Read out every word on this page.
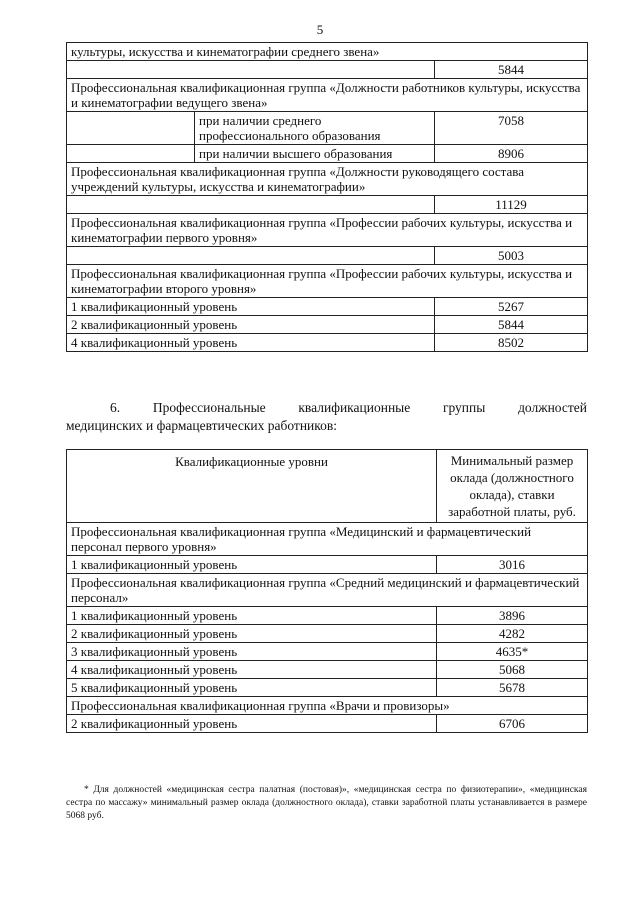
5
культуры, искусства и кинематографии среднего звена»		
		5844
Профессиональная квалификационная группа «Должности работников культуры, искусства и кинематографии ведущего звена»		
	при наличии среднего профессионального образования	7058
	при наличии высшего образования	8906
Профессиональная квалификационная группа «Должности руководящего состава учреждений культуры, искусства и кинематографии»		
		11129
Профессиональная квалификационная группа «Профессии рабочих культуры, искусства и кинематографии первого уровня»		
		5003
Профессиональная квалификационная группа «Профессии рабочих культуры, искусства и кинематографии второго уровня»		
1 квалификационный уровень		5267
2 квалификационный уровень		5844
4 квалификационный уровень		8502
6. Профессиональные квалификационные группы должностей
медицинских и фармацевтических работников:
Квалификационные уровни	Минимальный размер оклада (должностного оклада), ставки заработной платы, руб.
Профессиональная квалификационная группа «Медицинский и фармацевтический персонал первого уровня»	
1 квалификационный уровень	3016
Профессиональная квалификационная группа «Средний медицинский и фармацевтический персонал»	
1 квалификационный уровень	3896
2 квалификационный уровень	4282
3 квалификационный уровень	4635*
4 квалификационный уровень	5068
5 квалификационный уровень	5678
Профессиональная квалификационная группа «Врачи и провизоры»	
2 квалификационный уровень	6706
* Для должностей «медицинская сестра палатная (постовая)», «медицинская сестра по физиотерапии», «медицинская сестра по массажу» минимальный размер оклада (должностного оклада), ставки заработной платы устанавливается в размере 5068 руб.
